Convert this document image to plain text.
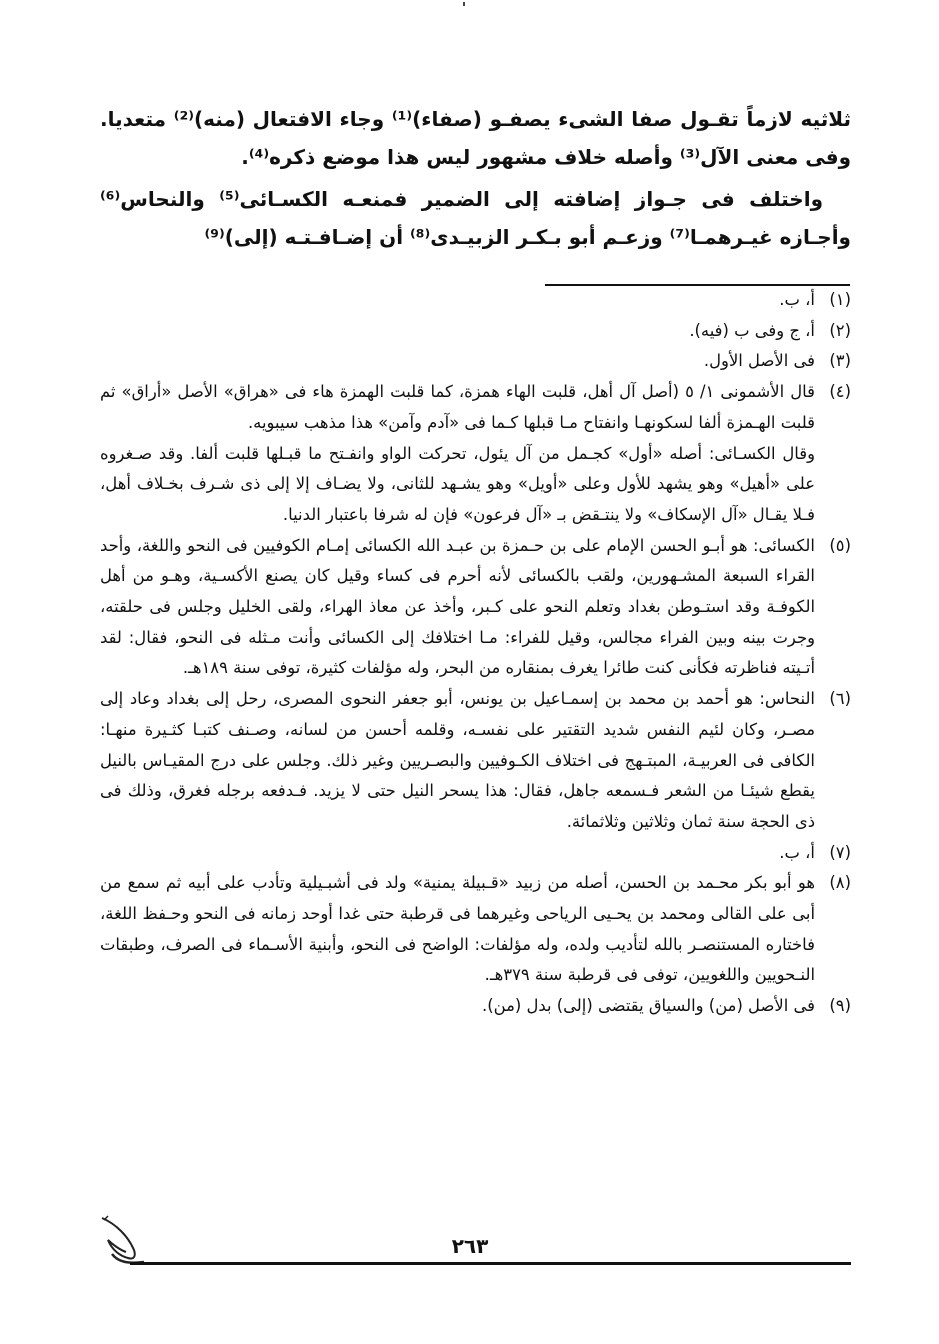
ثلاثيه لازماً تقـول صفا الشىء يصفـو (صفاء)⁽¹⁾ وجاء الافتعال (منه)⁽²⁾ متعديا. وفى معنى الآل⁽³⁾ وأصله خلاف مشهور ليس هذا موضع ذكره⁽⁴⁾.

واختلف فى جـواز إضافته إلى الضمير فمنعـه الكسـائى⁽⁵⁾ والنحاس⁽⁶⁾ وأجـازه غيـرهمـا⁽⁷⁾ وزعـم أبو بـكـر الزبيـدى⁽⁸⁾ أن إضـافـتـه (إلى)⁽⁹⁾

(١)

أ، ب.

(٢)

أ، ج وفى ب (فيه).

(٣)

فى الأصل الأول.

(٤)

قال الأشمونى ١/ ٥ (أصل آل أهل، قلبت الهاء همزة، كما قلبت الهمزة هاء فى «هراق» الأصل «أراق» ثم قلبت الهـمزة ألفا لسكونهـا وانفتاح مـا قبلها كـما فى «آدم وآمن» هذا مذهب سيبويه.

وقال الكسـائى: أصله «أول» كجـمل من آل يئول، تحركت الواو وانفـتح ما قبـلها قلبت ألفا. وقد صـغروه على «أهيل» وهو يشهد للأول وعلى «أويل» وهو يشـهد للثانى، ولا يضـاف إلا إلى ذى شـرف بخـلاف أهل، فـلا يقـال «آل الإسكاف» ولا ينتـقض بـ «آل فرعون» فإن له شرفا باعتبار الدنيا.

(٥)

الكسائى: هو أبـو الحسن الإمام على بن حـمزة بن عبـد الله الكسائى إمـام الكوفيين فى النحو واللغة، وأحد القراء السبعة المشـهورين، ولقب بالكسائى لأنه أحرم فى كساء وقيل كان يصنع الأكسـية، وهـو من أهل الكوفـة وقد استـوطن بغداد وتعلم النحو على كـبر، وأخذ عن معاذ الهراء، ولقى الخليل وجلس فى حلقته، وجرت بينه وبين الفراء مجالس، وقيل للفراء: مـا اختلافك إلى الكسائى وأنت مـثله فى النحو، فقال: لقد أتـيته فناظرته فكأنى كنت طائرا يغرف بمنقاره من البحر، وله مؤلفات كثيرة، توفى سنة ١٨٩هـ.

(٦)

النحاس: هو أحمد بن محمد بن إسمـاعيل بن يونس، أبو جعفر النحوى المصرى، رحل إلى بغداد وعاد إلى مصـر، وكان لئيم النفس شديد التقتير على نفسـه، وقلمه أحسن من لسانه، وصـنف كتبـا كثـيرة منهـا: الكافى فى العربيـة، المبتـهج فى اختلاف الكـوفيين والبصـريين وغير ذلك. وجلس على درج المقيـاس بالنيل يقطع شيئـا من الشعر فـسمعه جاهل، فقال: هذا يسحر النيل حتى لا يزيد. فـدفعه برجله فغرق، وذلك فى ذى الحجة سنة ثمان وثلاثين وثلاثمائة.

(٧)

أ، ب.

(٨)

هو أبو بكر محـمد بن الحسن، أصله من زبيد «قـبيلة يمنية» ولد فى أشبـيلية وتأدب على أبيه ثم سمع من أبى على القالى ومحمد بن يحـيى الرياحى وغيرهما فى قرطبة حتى غدا أوحد زمانه فى النحو وحـفظ اللغة، فاختاره المستنصـر بالله لتأديب ولده، وله مؤلفات: الواضح فى النحو، وأبنية الأسـماء فى الصرف، وطبقات النـحويين واللغويين، توفى فى قرطبة سنة ٣٧٩هـ.

(٩)

فى الأصل (من) والسياق يقتضى (إلى) بدل (من).

٢٦٣
